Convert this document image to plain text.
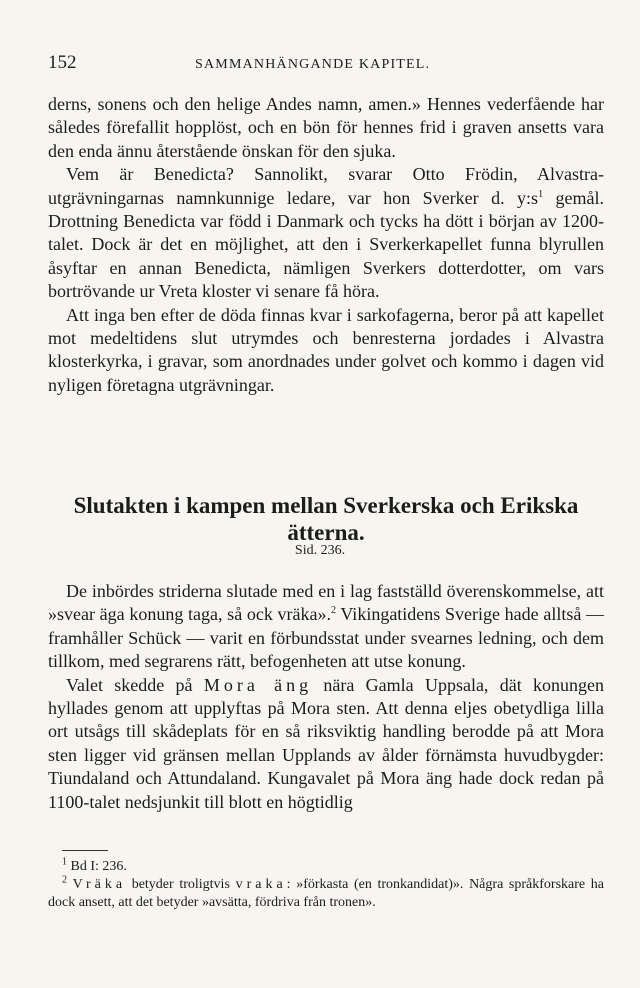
152	SAMMANHÄNGANDE KAPITEL.

derns, sonens och den helige Andes namn, amen.» Hennes vederfående har således förefallit hopplöst, och en bön för hennes frid i graven ansetts vara den enda ännu återstående önskan för den sjuka.

Vem är Benedicta? Sannolikt, svarar Otto Frödin, Alvastra-utgrävningarnas namnkunnige ledare, var hon Sverker d. $y:s^1$ gemål. Drottning Benedicta var född i Danmark och tycks ha dött i början av 1200-talet. Dock är det en möjlighet, att den i Sverkerkapellet funna blyrullen åsyftar en annan Benedicta, nämligen Sverkers dotterdotter, om vars bortrövande ur Vreta kloster vi senare få höra.

Att inga ben efter de döda finnas kvar i sarkofagerna, beror på att kapellet mot medeltidens slut utrymdes och benresterna jordades i Alvastra klosterkyrka, i gravar, som anordnades under golvet och kommo i dagen vid nyligen företagna utgrävningar.

Slutakten i kampen mellan Sverkerska och Erikska ätterna.
Sid. 236.

De inbördes striderna slutade med en i lag fastställd överenskommelse, att »svear äga konung taga, så ock vräka».$^2$ Vikingatidens Sverige hade alltså — framhåller Schück — varit en förbundsstat under svearnes ledning, och dem tillkom, med segrarens rätt, befogenheten att utse konung.

Valet skedde på Mora äng nära Gamla Uppsala, dät konungen hyllades genom att upplyftas på Mora sten. Att denna eljes obetydliga lilla ort utsågs till skådeplats för en så riksviktig handling berodde på att Mora sten ligger vid gränsen mellan Upplands av ålder förnämsta huvudbygder: Tiundaland och Attundaland. Kungavalet på Mora äng hade dock redan på 1100-talet nedsjunkit till blott en högtidlig

$^1$ Bd I: 236.

$^2$ Vräka betyder troligtvis vraka: »förkasta (en tronkandidat)». Några språkforskare ha dock ansett, att det betyder »avsätta, fördriva från tronen».
